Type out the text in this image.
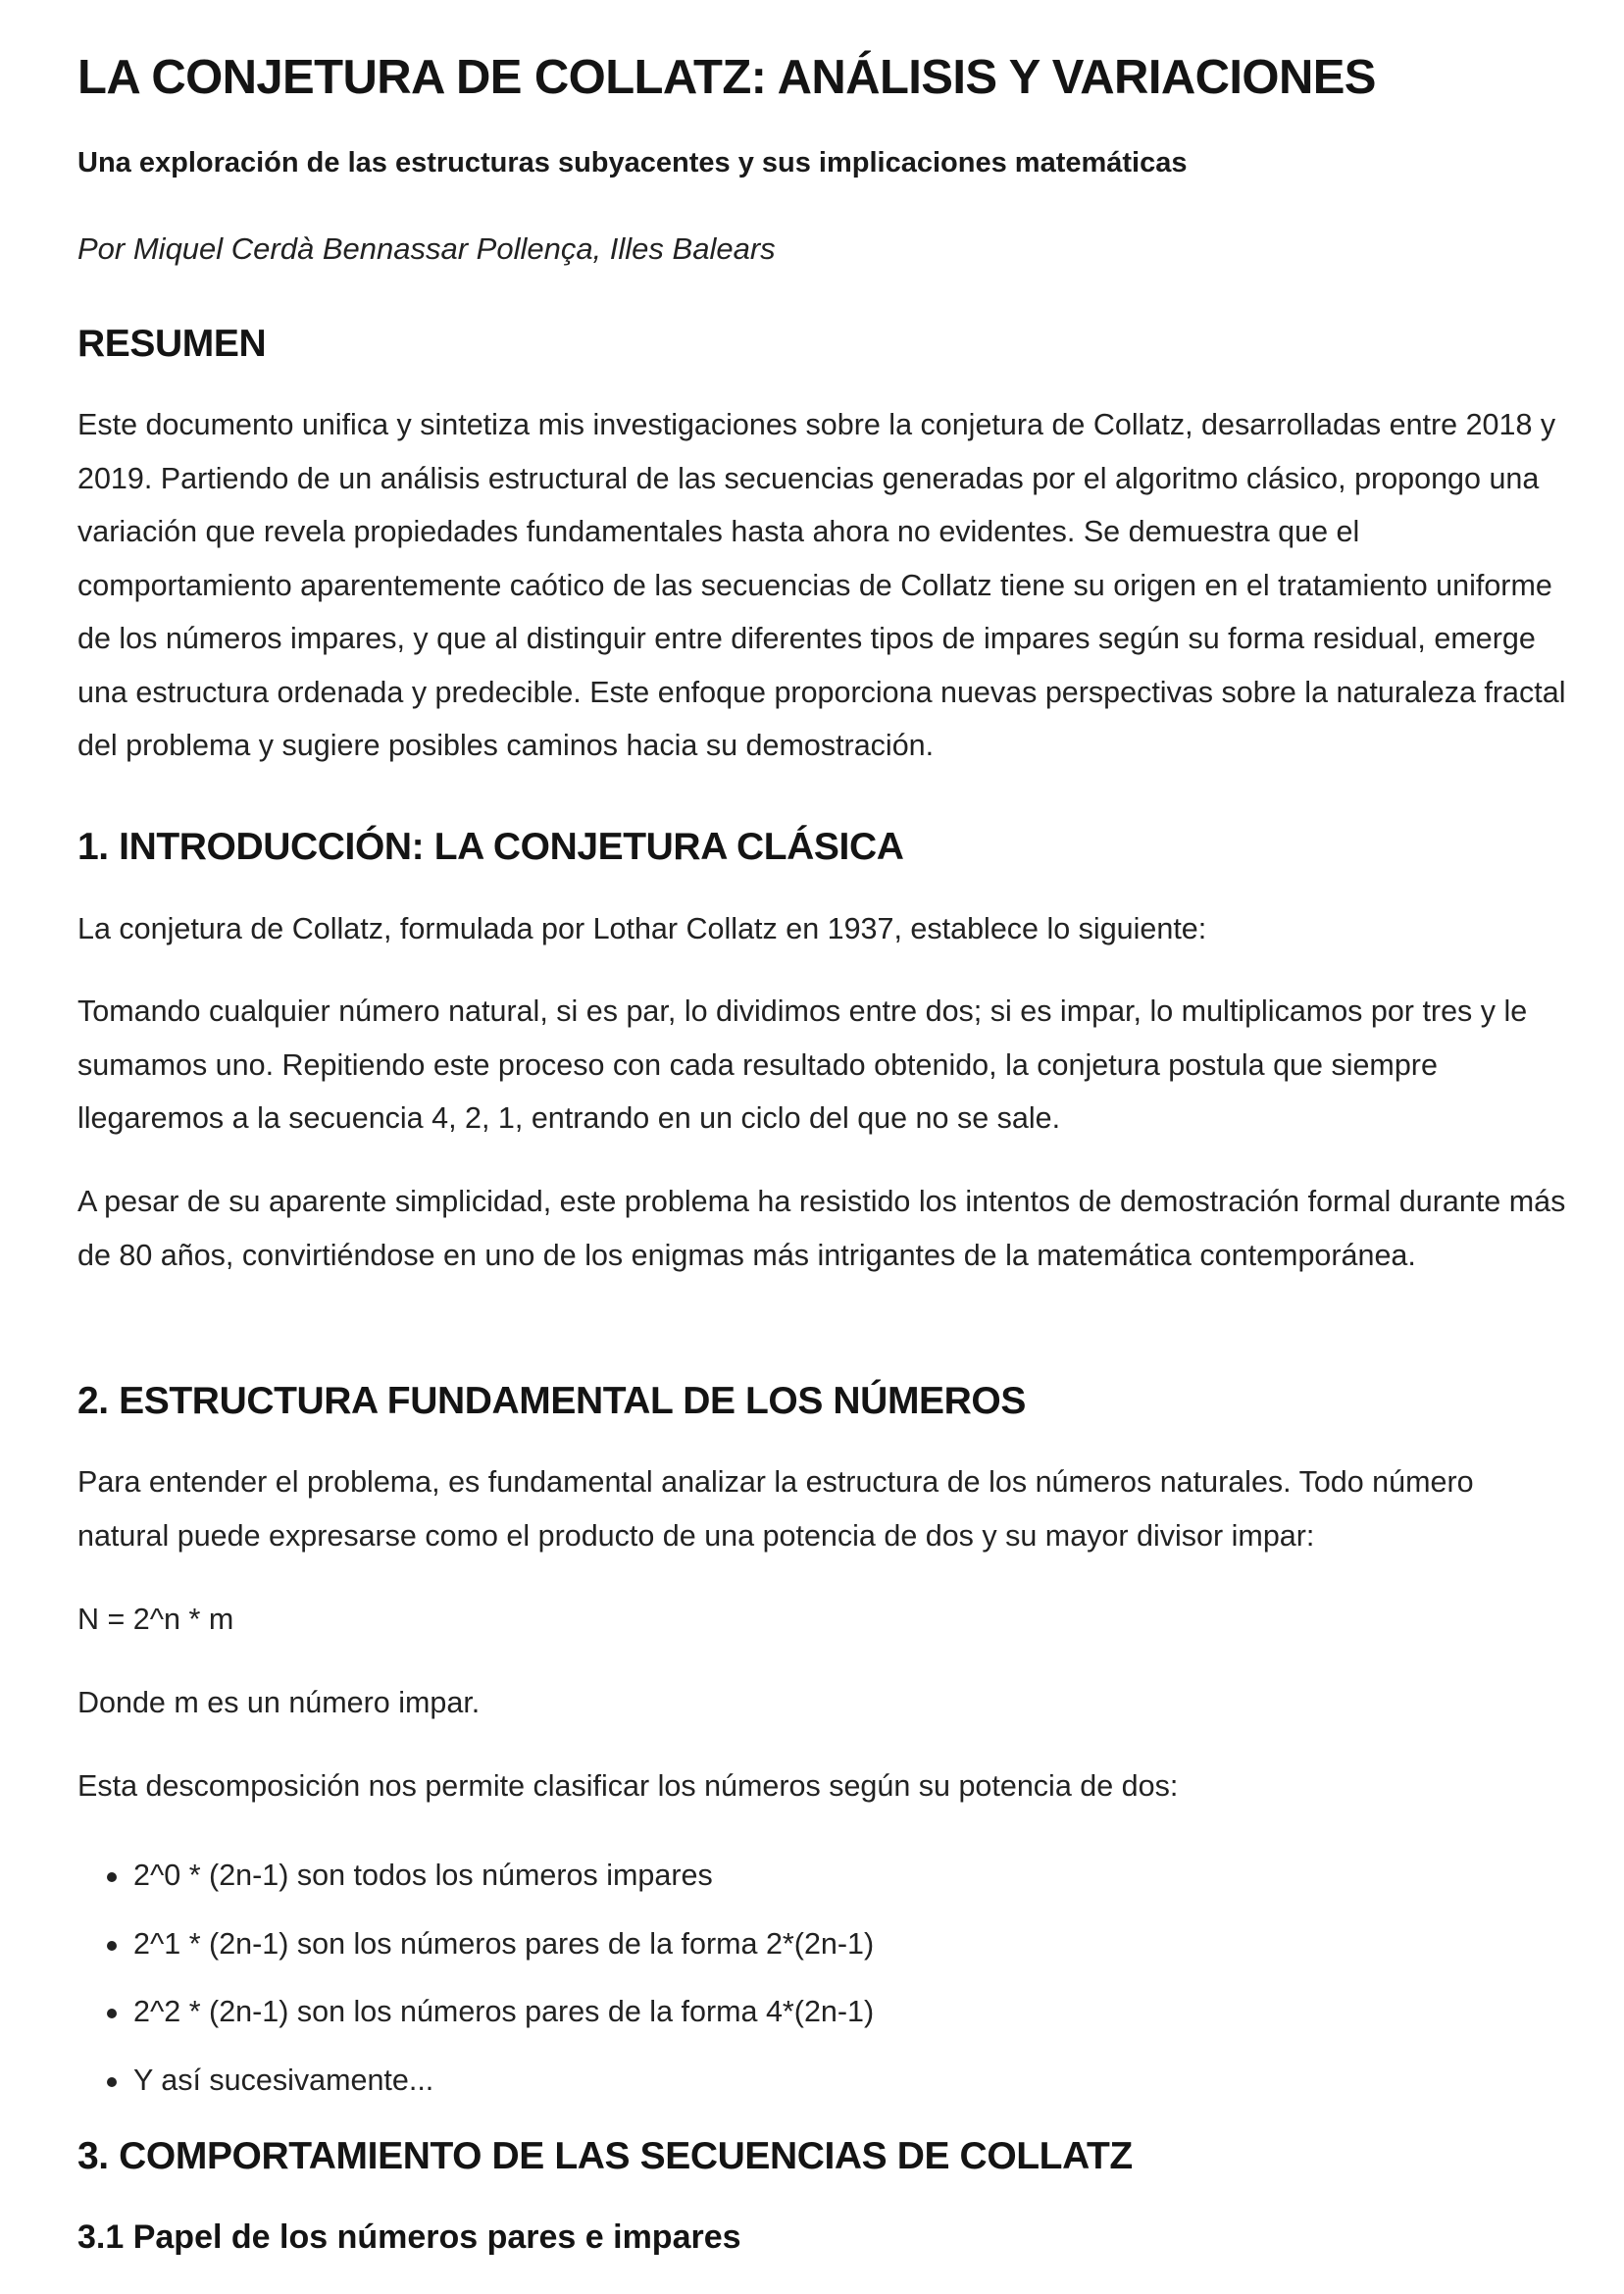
LA CONJETURA DE COLLATZ: ANÁLISIS Y VARIACIONES

Una exploración de las estructuras subyacentes y sus implicaciones matemáticas

Por Miquel Cerdà Bennassar Pollença, Illes Balears

RESUMEN

Este documento unifica y sintetiza mis investigaciones sobre la conjetura de Collatz, desarrolladas entre 2018 y 2019. Partiendo de un análisis estructural de las secuencias generadas por el algoritmo clásico, propongo una variación que revela propiedades fundamentales hasta ahora no evidentes. Se demuestra que el comportamiento aparentemente caótico de las secuencias de Collatz tiene su origen en el tratamiento uniforme de los números impares, y que al distinguir entre diferentes tipos de impares según su forma residual, emerge una estructura ordenada y predecible. Este enfoque proporciona nuevas perspectivas sobre la naturaleza fractal del problema y sugiere posibles caminos hacia su demostración.

1. INTRODUCCIÓN: LA CONJETURA CLÁSICA

La conjetura de Collatz, formulada por Lothar Collatz en 1937, establece lo siguiente:

Tomando cualquier número natural, si es par, lo dividimos entre dos; si es impar, lo multiplicamos por tres y le sumamos uno. Repitiendo este proceso con cada resultado obtenido, la conjetura postula que siempre llegaremos a la secuencia 4, 2, 1, entrando en un ciclo del que no se sale.

A pesar de su aparente simplicidad, este problema ha resistido los intentos de demostración formal durante más de 80 años, convirtiéndose en uno de los enigmas más intrigantes de la matemática contemporánea.

2. ESTRUCTURA FUNDAMENTAL DE LOS NÚMEROS

Para entender el problema, es fundamental analizar la estructura de los números naturales. Todo número natural puede expresarse como el producto de una potencia de dos y su mayor divisor impar:

N = 2^n * m

Donde m es un número impar.

Esta descomposición nos permite clasificar los números según su potencia de dos:

2^0 * (2n-1) son todos los números impares
2^1 * (2n-1) son los números pares de la forma 2*(2n-1)
2^2 * (2n-1) son los números pares de la forma 4*(2n-1)
Y así sucesivamente...
3. COMPORTAMIENTO DE LAS SECUENCIAS DE COLLATZ
3.1 Papel de los números pares e impares
